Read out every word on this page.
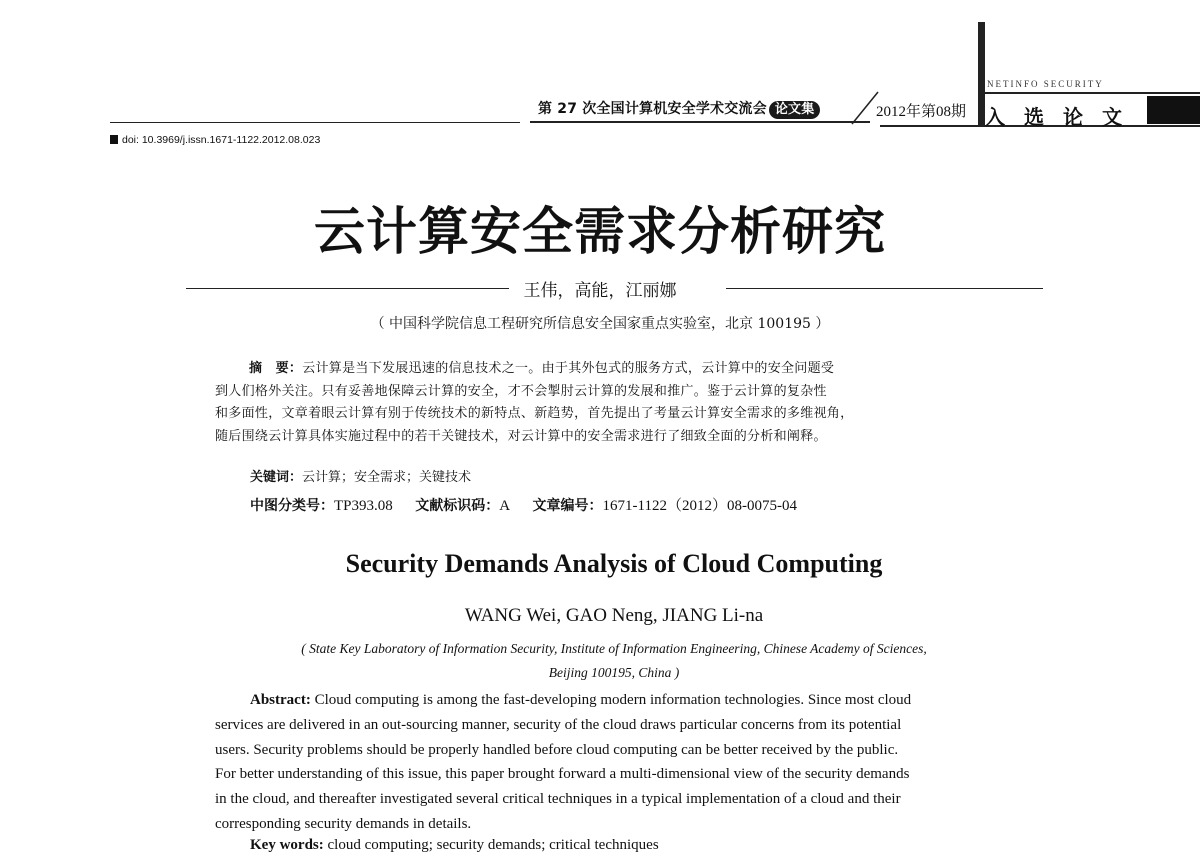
第 27 次全国计算机安全学术交流会 论文集	2012年第08期
NETINFO SECURITY
入选论文
doi: 10.3969/j.issn.1671-1122.2012.08.023
云计算安全需求分析研究
王伟，高能，江丽娜
（ 中国科学院信息工程研究所信息安全国家重点实验室，北京 100195 ）
摘　要：云计算是当下发展迅速的信息技术之一。由于其外包式的服务方式，云计算中的安全问题受
到人们格外关注。只有妥善地保障云计算的安全，才不会掣肘云计算的发展和推广。鉴于云计算的复杂性
和多面性，文章着眼云计算有别于传统技术的新特点、新趋势，首先提出了考量云计算安全需求的多维视角，
随后围绕云计算具体实施过程中的若干关键技术，对云计算中的安全需求进行了细致全面的分析和阐释。
关键词：云计算；安全需求；关键技术
中图分类号：TP393.08 文献标识码：A 文章编号：1671-1122（2012）08-0075-04
Security Demands Analysis of Cloud Computing
WANG Wei, GAO Neng, JIANG Li-na
( State Key Laboratory of Information Security, Institute of Information Engineering, Chinese Academy of Sciences,
Beijing 100195, China )
Abstract: Cloud computing is among the fast-developing modern information technologies. Since most cloud
services are delivered in an out-sourcing manner, security of the cloud draws particular concerns from its potential
users. Security problems should be properly handled before cloud computing can be better received by the public.
For better understanding of this issue, this paper brought forward a multi-dimensional view of the security demands
in the cloud, and thereafter investigated several critical techniques in a typical implementation of a cloud and their
corresponding security demands in details.
Key words: cloud computing; security demands; critical techniques
